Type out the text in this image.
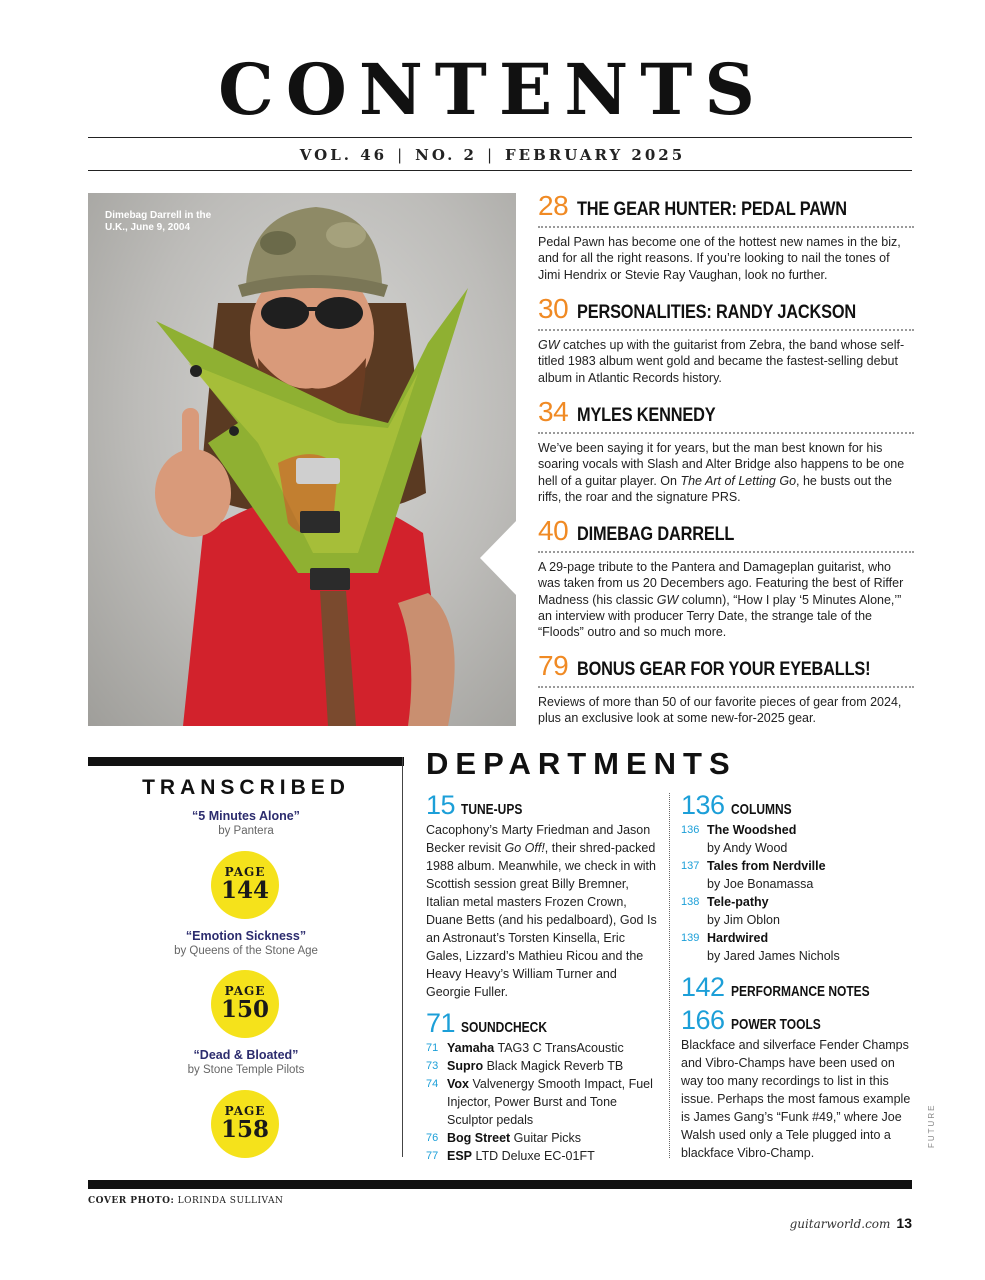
CONTENTS
VOL. 46 | NO. 2 | FEBRUARY 2025
Dimebag Darrell in the U.K., June 9, 2004
28 THE GEAR HUNTER: PEDAL PAWN
Pedal Pawn has become one of the hottest new names in the biz, and for all the right reasons. If you’re looking to nail the tones of Jimi Hendrix or Stevie Ray Vaughan, look no further.
30 PERSONALITIES: RANDY JACKSON
GW catches up with the guitarist from Zebra, the band whose self-titled 1983 album went gold and became the fastest-selling debut album in Atlantic Records history.
34 MYLES KENNEDY
We’ve been saying it for years, but the man best known for his soaring vocals with Slash and Alter Bridge also happens to be one hell of a guitar player. On The Art of Letting Go, he busts out the riffs, the roar and the signature PRS.
40 DIMEBAG DARRELL
A 29-page tribute to the Pantera and Damageplan guitarist, who was taken from us 20 Decembers ago. Featuring the best of Riffer Madness (his classic GW column), “How I play ‘5 Minutes Alone,’” an interview with producer Terry Date, the strange tale of the “Floods” outro and so much more.
79 BONUS GEAR FOR YOUR EYEBALLS!
Reviews of more than 50 of our favorite pieces of gear from 2024, plus an exclusive look at some new-for-2025 gear.
TRANSCRIBED
“5 Minutes Alone”
by Pantera
PAGE
144
“Emotion Sickness”
by Queens of the Stone Age
PAGE
150
“Dead & Bloated”
by Stone Temple Pilots
PAGE
158
DEPARTMENTS
15 TUNE-UPS
Cacophony’s Marty Friedman and Jason Becker revisit Go Off!, their shred-packed 1988 album. Meanwhile, we check in with Scottish session great Billy Bremner, Italian metal masters Frozen Crown, Duane Betts (and his pedalboard), God Is an Astronaut’s Torsten Kinsella, Eric Gales, Lizzard’s Mathieu Ricou and the Heavy Heavy’s William Turner and Georgie Fuller.
71 SOUNDCHECK
71 Yamaha TAG3 C TransAcoustic
73 Supro Black Magick Reverb TB
74 Vox Valvenergy Smooth Impact, Fuel Injector, Power Burst and Tone Sculptor pedals
76 Bog Street Guitar Picks
77 ESP LTD Deluxe EC-01FT
136 COLUMNS
136 The Woodshed
by Andy Wood
137 Tales from Nerdville
by Joe Bonamassa
138 Tele-pathy
by Jim Oblon
139 Hardwired
by Jared James Nichols
142 PERFORMANCE NOTES
166 POWER TOOLS
Blackface and silverface Fender Champs and Vibro-Champs have been used on way too many recordings to list in this issue. Perhaps the most famous example is James Gang’s “Funk #49,” where Joe Walsh used only a Tele plugged into a blackface Vibro-Champ.
COVER PHOTO: LORINDA SULLIVAN
FUTURE
guitarworld.com 13
